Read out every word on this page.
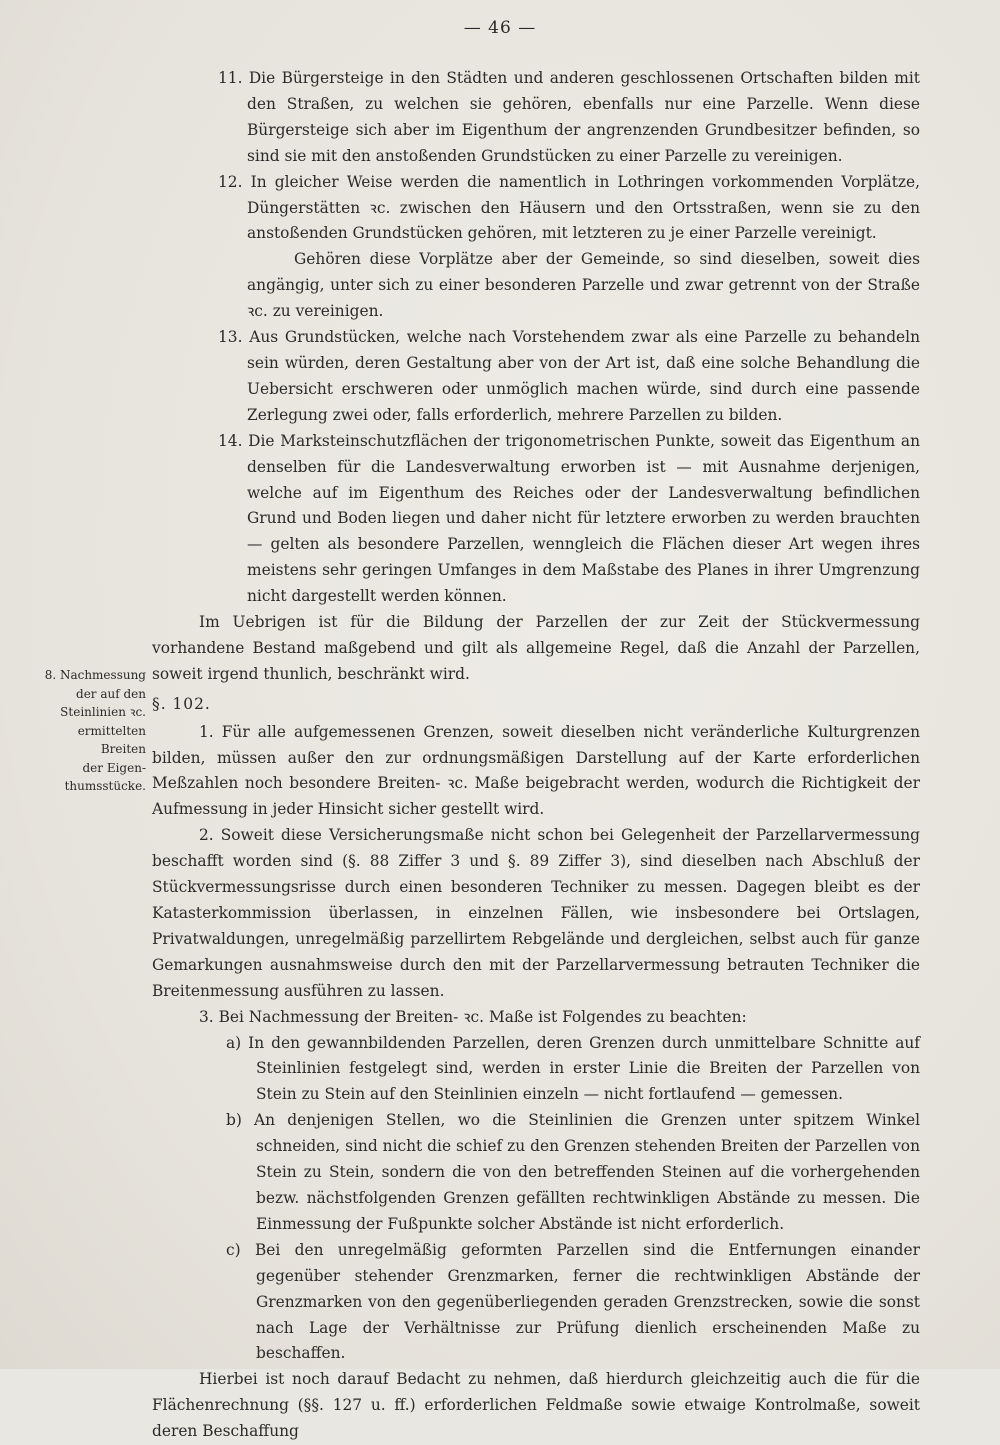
— 46 —
8. Nachmessung
der auf den
Steinlinien ꝛc.
ermittelten
Breiten
der Eigen-
thumsstücke.

11. Die Bürgersteige in den Städten und anderen geschlossenen Ortschaften bilden mit den Straßen, zu welchen sie gehören, ebenfalls nur eine Parzelle. Wenn diese Bürgersteige sich aber im Eigenthum der angrenzenden Grundbesitzer befinden, so sind sie mit den anstoßenden Grundstücken zu einer Parzelle zu vereinigen.

12. In gleicher Weise werden die namentlich in Lothringen vorkommenden Vorplätze, Düngerstätten ꝛc. zwischen den Häusern und den Ortsstraßen, wenn sie zu den anstoßenden Grundstücken gehören, mit letzteren zu je einer Parzelle vereinigt.

Gehören diese Vorplätze aber der Gemeinde, so sind dieselben, soweit dies angängig, unter sich zu einer besonderen Parzelle und zwar getrennt von der Straße ꝛc. zu vereinigen.

13. Aus Grundstücken, welche nach Vorstehendem zwar als eine Parzelle zu behandeln sein würden, deren Gestaltung aber von der Art ist, daß eine solche Behandlung die Uebersicht erschweren oder unmöglich machen würde, sind durch eine passende Zerlegung zwei oder, falls erforderlich, mehrere Parzellen zu bilden.

14. Die Marksteinschutzflächen der trigonometrischen Punkte, soweit das Eigenthum an denselben für die Landesverwaltung erworben ist — mit Ausnahme derjenigen, welche auf im Eigenthum des Reiches oder der Landesverwaltung befindlichen Grund und Boden liegen und daher nicht für letztere erworben zu werden brauchten — gelten als besondere Parzellen, wenngleich die Flächen dieser Art wegen ihres meistens sehr geringen Umfanges in dem Maßstabe des Planes in ihrer Umgrenzung nicht dargestellt werden können.

Im Uebrigen ist für die Bildung der Parzellen der zur Zeit der Stückvermessung vorhandene Bestand maßgebend und gilt als allgemeine Regel, daß die Anzahl der Parzellen, soweit irgend thunlich, beschränkt wird.

§. 102.

1. Für alle aufgemessenen Grenzen, soweit dieselben nicht veränderliche Kulturgrenzen bilden, müssen außer den zur ordnungsmäßigen Darstellung auf der Karte erforderlichen Meßzahlen noch besondere Breiten- ꝛc. Maße beigebracht werden, wodurch die Richtigkeit der Aufmessung in jeder Hinsicht sicher gestellt wird.

2. Soweit diese Versicherungsmaße nicht schon bei Gelegenheit der Parzellarvermessung beschafft worden sind (§. 88 Ziffer 3 und §. 89 Ziffer 3), sind dieselben nach Abschluß der Stückvermessungsrisse durch einen besonderen Techniker zu messen. Dagegen bleibt es der Katasterkommission überlassen, in einzelnen Fällen, wie insbesondere bei Ortslagen, Privatwaldungen, unregelmäßig parzellirtem Rebgelände und dergleichen, selbst auch für ganze Gemarkungen ausnahmsweise durch den mit der Parzellarvermessung betrauten Techniker die Breitenmessung ausführen zu lassen.

3. Bei Nachmessung der Breiten- ꝛc. Maße ist Folgendes zu beachten:

a) In den gewannbildenden Parzellen, deren Grenzen durch unmittelbare Schnitte auf Steinlinien festgelegt sind, werden in erster Linie die Breiten der Parzellen von Stein zu Stein auf den Steinlinien einzeln — nicht fortlaufend — gemessen.

b) An denjenigen Stellen, wo die Steinlinien die Grenzen unter spitzem Winkel schneiden, sind nicht die schief zu den Grenzen stehenden Breiten der Parzellen von Stein zu Stein, sondern die von den betreffenden Steinen auf die vorhergehenden bezw. nächstfolgenden Grenzen gefällten rechtwinkligen Abstände zu messen. Die Einmessung der Fußpunkte solcher Abstände ist nicht erforderlich.

c) Bei den unregelmäßig geformten Parzellen sind die Entfernungen einander gegenüber stehender Grenzmarken, ferner die rechtwinkligen Abstände der Grenzmarken von den gegenüberliegenden geraden Grenzstrecken, sowie die sonst nach Lage der Verhältnisse zur Prüfung dienlich erscheinenden Maße zu beschaffen.

Hierbei ist noch darauf Bedacht zu nehmen, daß hierdurch gleichzeitig auch die für die Flächenrechnung (§§. 127 u. ff.) erforderlichen Feldmaße sowie etwaige Kontrolmaße, soweit deren Beschaffung
